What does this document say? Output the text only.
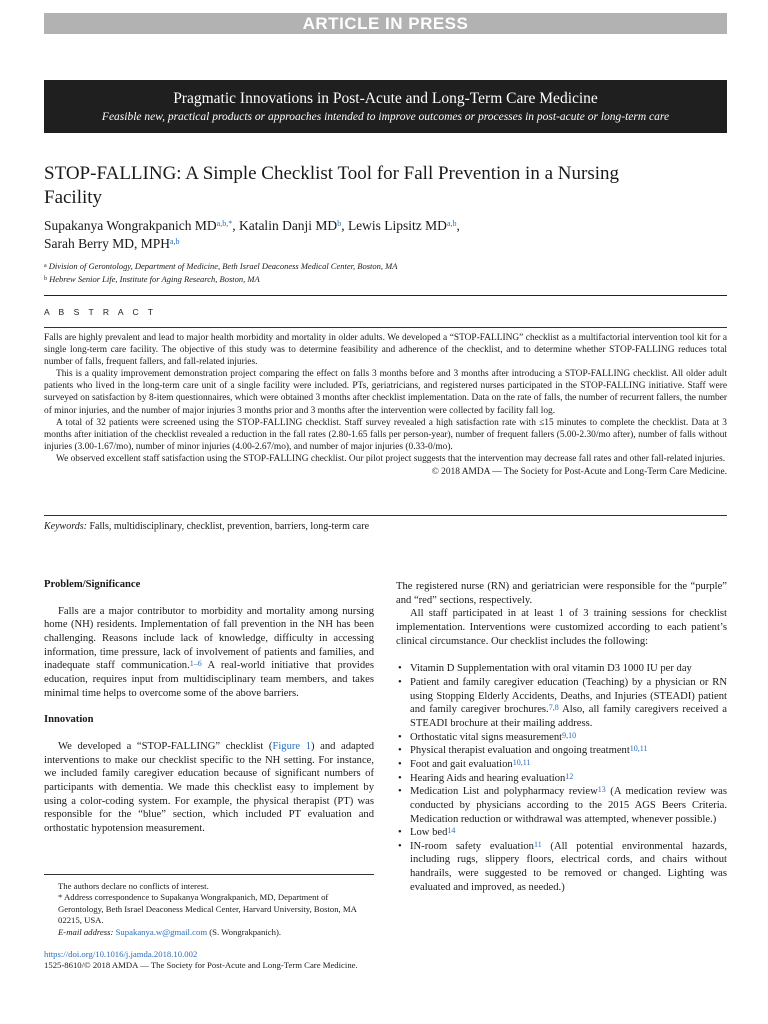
ARTICLE IN PRESS
Pragmatic Innovations in Post-Acute and Long-Term Care Medicine
Feasible new, practical products or approaches intended to improve outcomes or processes in post-acute or long-term care
STOP-FALLING: A Simple Checklist Tool for Fall Prevention in a Nursing Facility
Supakanya Wongrakpanich $MD^{a,b,*}$, Katalin Danji $MD^b$, Lewis Lipsitz MD$^{a,b}$,
Sarah Berry MD, MPH$^{a,b}$
$^a$ Division of Gerontology, Department of Medicine, Beth Israel Deaconess Medical Center, Boston, MA
$^b$ Hebrew Senior Life, Institute for Aging Research, Boston, MA
A B S T R A C T

Falls are highly prevalent and lead to major health morbidity and mortality in older adults. We developed a “STOP-FALLING” checklist as a multifactorial intervention tool kit for a single long-term care facility. The objective of this study was to determine feasibility and adherence of the checklist, and to determine whether STOP-FALLING reduces total number of falls, frequent fallers, and fall-related injuries.

This is a quality improvement demonstration project comparing the effect on falls 3 months before and 3 months after introducing a STOP-FALLING checklist. All older adult patients who lived in the long-term care unit of a single facility were included. PTs, geriatricians, and registered nurses participated in the STOP-FALLING initiative. Staff were surveyed on satisfaction by 8-item questionnaires, which were obtained 3 months after checklist implementation. Data on the rate of falls, the number of recurrent fallers, the number of minor injuries, and the number of major injuries 3 months prior and 3 months after the intervention were collected by facility fall log.

A total of 32 patients were screened using the STOP-FALLING checklist. Staff survey revealed a high satisfaction rate with ≤15 minutes to complete the checklist. Data at 3 months after initiation of the checklist revealed a reduction in the fall rates (2.80-1.65 falls per person-year), number of frequent fallers (5.00-2.30/mo after), number of falls without injuries (3.00-1.67/mo), number of minor injuries (4.00-2.67/mo), and number of major injuries (0.33-0/mo).

We observed excellent staff satisfaction using the STOP-FALLING checklist. Our pilot project suggests that the intervention may decrease fall rates and other fall-related injuries.

© 2018 AMDA — The Society for Post-Acute and Long-Term Care Medicine.

Keywords: Falls, multidisciplinary, checklist, prevention, barriers, long-term care
Problem/Significance

Falls are a major contributor to morbidity and mortality among nursing home (NH) residents. Implementation of fall prevention in the NH has been challenging. Reasons include lack of knowledge, difficulty in accessing information, time pressure, lack of involvement of patients and families, and inadequate staff communication.$^{1-6}$ A real-world initiative that provides education, requires input from multidisciplinary team members, and takes minimal time helps to overcome some of the above barriers.

Innovation

We developed a “STOP-FALLING” checklist (Figure 1) and adapted interventions to make our checklist specific to the NH setting. For instance, we included family caregiver education because of significant numbers of participants with dementia. We made this checklist easy to implement by using a color-coding system. For example, the physical therapist (PT) was responsible for the “blue” section, which included PT evaluation and orthostatic hypotension measurement.

The registered nurse (RN) and geriatrician were responsible for the “purple” and “red” sections, respectively.

All staff participated in at least 1 of 3 training sessions for checklist implementation. Interventions were customized according to each patient’s clinical circumstance. Our checklist includes the following:

• Vitamin D Supplementation with oral vitamin D3 1000 IU per day
• Patient and family caregiver education (Teaching) by a physician or RN using Stopping Elderly Accidents, Deaths, and Injuries (STEADI) patient and family caregiver brochures.$^{7,8}$ Also, all family caregivers received a STEADI brochure at their mailing address.
• Orthostatic vital signs measurement$^{9,10}$
• Physical therapist evaluation and ongoing treatment$^{10,11}$
• Foot and gait evaluation$^{10,11}$
• Hearing Aids and hearing evaluation$^{12}$
• Medication List and polypharmacy review$^{13}$ (A medication review was conducted by physicians according to the 2015 AGS Beers Criteria. Medication reduction or withdrawal was attempted, whenever possible.)
• Low bed$^{14}$
• IN-room safety evaluation$^{11}$ (All potential environmental hazards, including rugs, slippery floors, electrical cords, and chairs without handrails, were suggested to be removed or changed. Lighting was evaluated and improved, as needed.)

The authors declare no conflicts of interest.

* Address correspondence to Supakanya Wongrakpanich, MD, Department of Gerontology, Beth Israel Deaconess Medical Center, Harvard University, Boston, MA 02215, USA.

E-mail address: Supakanya.w@gmail.com (S. Wongrakpanich).

https://doi.org/10.1016/j.jamda.2018.10.002
1525-8610/© 2018 AMDA — The Society for Post-Acute and Long-Term Care Medicine.
